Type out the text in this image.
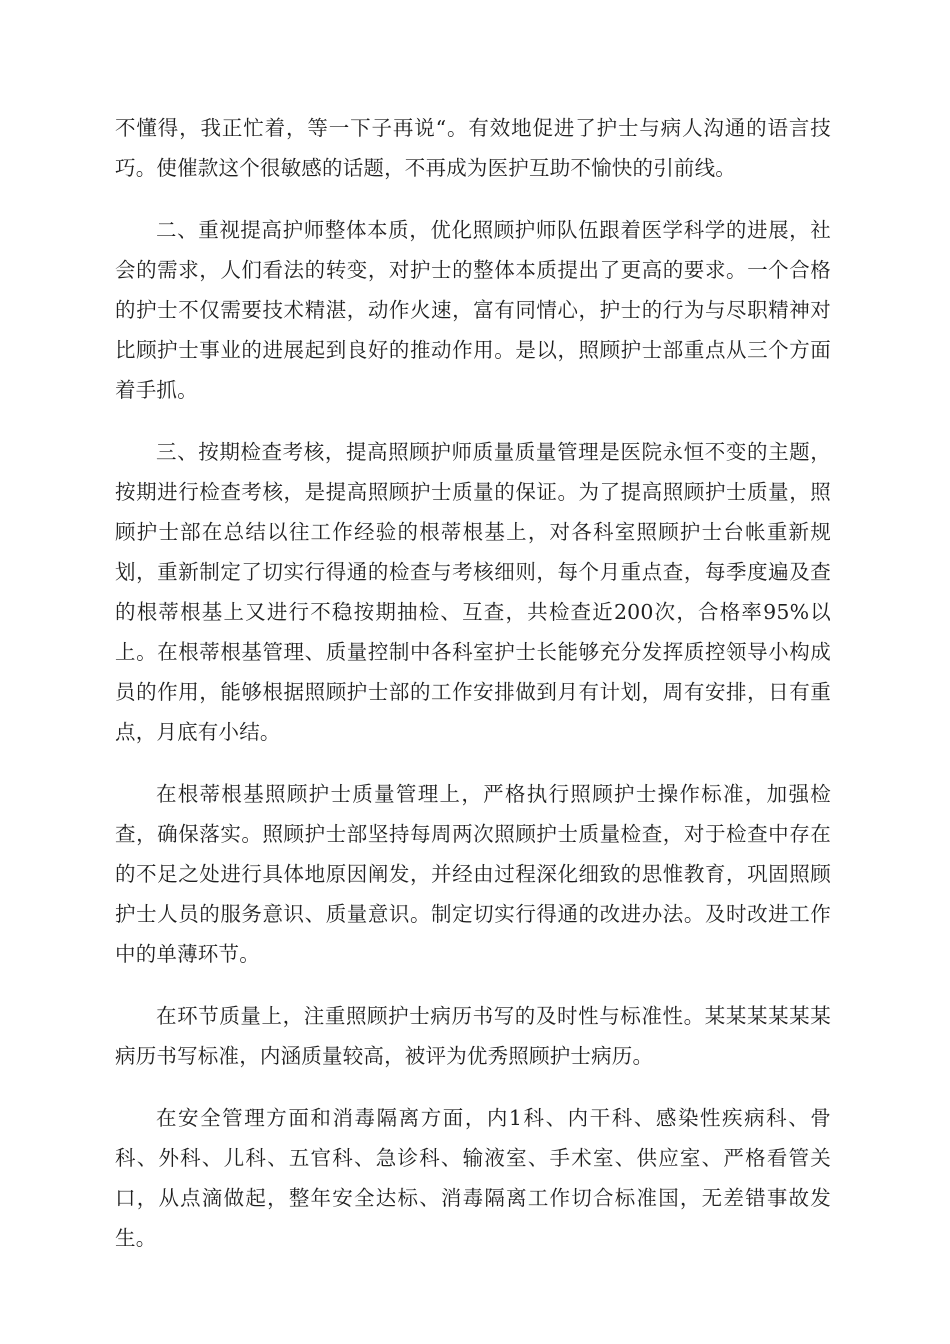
不懂得，我正忙着，等一下子再说“。有效地促进了护士与病人沟通的语言技巧。使催款这个很敏感的话题，不再成为医护互助不愉快的引前线。

二、重视提高护师整体本质，优化照顾护师队伍跟着医学科学的进展，社会的需求，人们看法的转变，对护士的整体本质提出了更高的要求。一个合格的护士不仅需要技术精湛，动作火速，富有同情心，护士的行为与尽职精神对比顾护士事业的进展起到良好的推动作用。是以，照顾护士部重点从三个方面着手抓。

三、按期检查考核，提高照顾护师质量质量管理是医院永恒不变的主题，按期进行检查考核，是提高照顾护士质量的保证。为了提高照顾护士质量，照顾护士部在总结以往工作经验的根蒂根基上，对各科室照顾护士台帐重新规划，重新制定了切实行得通的检查与考核细则，每个月重点查，每季度遍及查的根蒂根基上又进行不稳按期抽检、互查，共检查近200次，合格率95%以上。在根蒂根基管理、质量控制中各科室护士长能够充分发挥质控领导小构成员的作用，能够根据照顾护士部的工作安排做到月有计划，周有安排，日有重点，月底有小结。

在根蒂根基照顾护士质量管理上，严格执行照顾护士操作标准，加强检查，确保落实。照顾护士部坚持每周两次照顾护士质量检查，对于检查中存在的不足之处进行具体地原因阐发，并经由过程深化细致的思惟教育，巩固照顾护士人员的服务意识、质量意识。制定切实行得通的改进办法。及时改进工作中的单薄环节。

在环节质量上，注重照顾护士病历书写的及时性与标准性。某某某某某某病历书写标准，内涵质量较高，被评为优秀照顾护士病历。

在安全管理方面和消毒隔离方面，内1科、内干科、感染性疾病科、骨科、外科、儿科、五官科、急诊科、输液室、手术室、供应室、严格看管关口，从点滴做起，整年安全达标、消毒隔离工作切合标准国，无差错事故发生。
